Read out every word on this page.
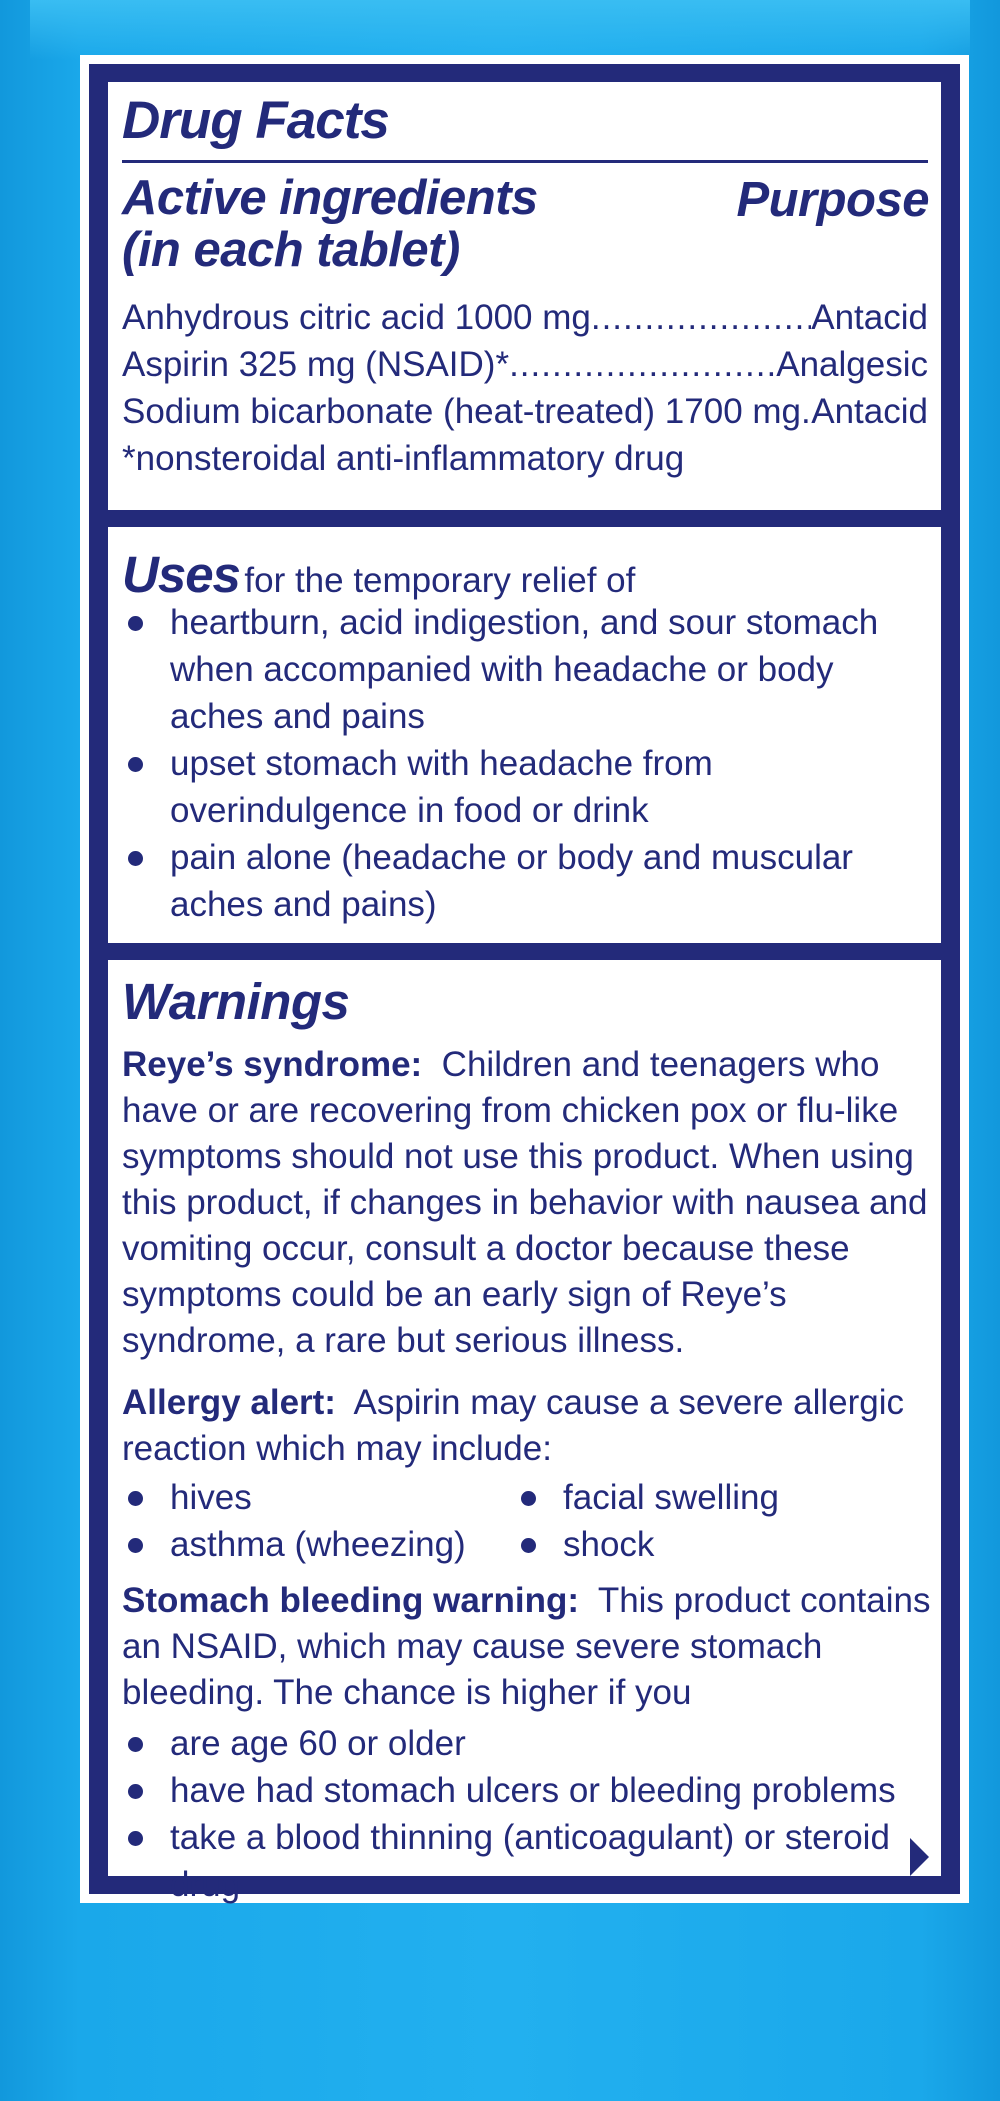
Drug Facts
Active ingredients
(in each tablet)
Purpose
Anhydrous citric acid 1000 mg .....	Antacid
Aspirin 325 mg (NSAID)* .....	Analgesic
Sodium bicarbonate (heat-treated) 1700 mg ..... Antacid
*nonsteroidal anti-inflammatory drug
Uses for the temporary relief of
heartburn, acid indigestion, and sour stomach when accompanied with headache or body aches and pains
upset stomach with headache from overindulgence in food or drink
pain alone (headache or body and muscular aches and pains)
Warnings
Reye’s syndrome: Children and teenagers who have or are recovering from chicken pox or flu-like symptoms should not use this product. When using this product, if changes in behavior with nausea and vomiting occur, consult a doctor because these symptoms could be an early sign of Reye’s syndrome, a rare but serious illness.
Allergy alert: Aspirin may cause a severe allergic reaction which may include:
hives	facial swelling
asthma (wheezing)	shock
Stomach bleeding warning: This product contains an NSAID, which may cause severe stomach bleeding. The chance is higher if you
are age 60 or older
have had stomach ulcers or bleeding problems
take a blood thinning (anticoagulant) or steroid drug
